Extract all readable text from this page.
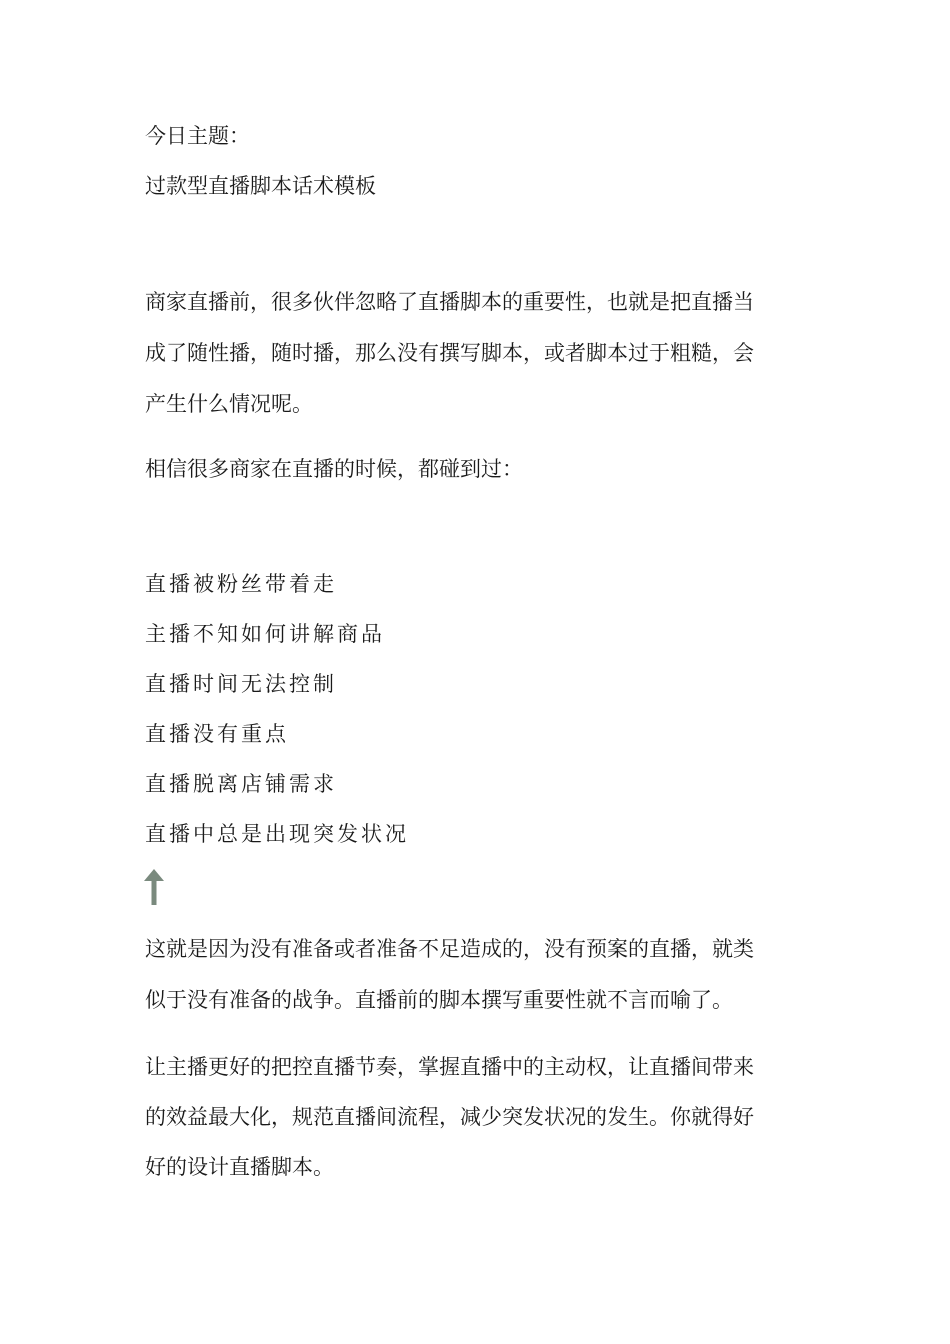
今日主题：
过款型直播脚本话术模板
商家直播前，很多伙伴忽略了直播脚本的重要性，也就是把直播当
成了随性播，随时播，那么没有撰写脚本，或者脚本过于粗糙，会
产生什么情况呢。
相信很多商家在直播的时候，都碰到过：
直播被粉丝带着走
主播不知如何讲解商品
直播时间无法控制
直播没有重点
直播脱离店铺需求
直播中总是出现突发状况
这就是因为没有准备或者准备不足造成的，没有预案的直播，就类
似于没有准备的战争。直播前的脚本撰写重要性就不言而喻了。
让主播更好的把控直播节奏，掌握直播中的主动权，让直播间带来
的效益最大化，规范直播间流程，减少突发状况的发生。你就得好
好的设计直播脚本。
